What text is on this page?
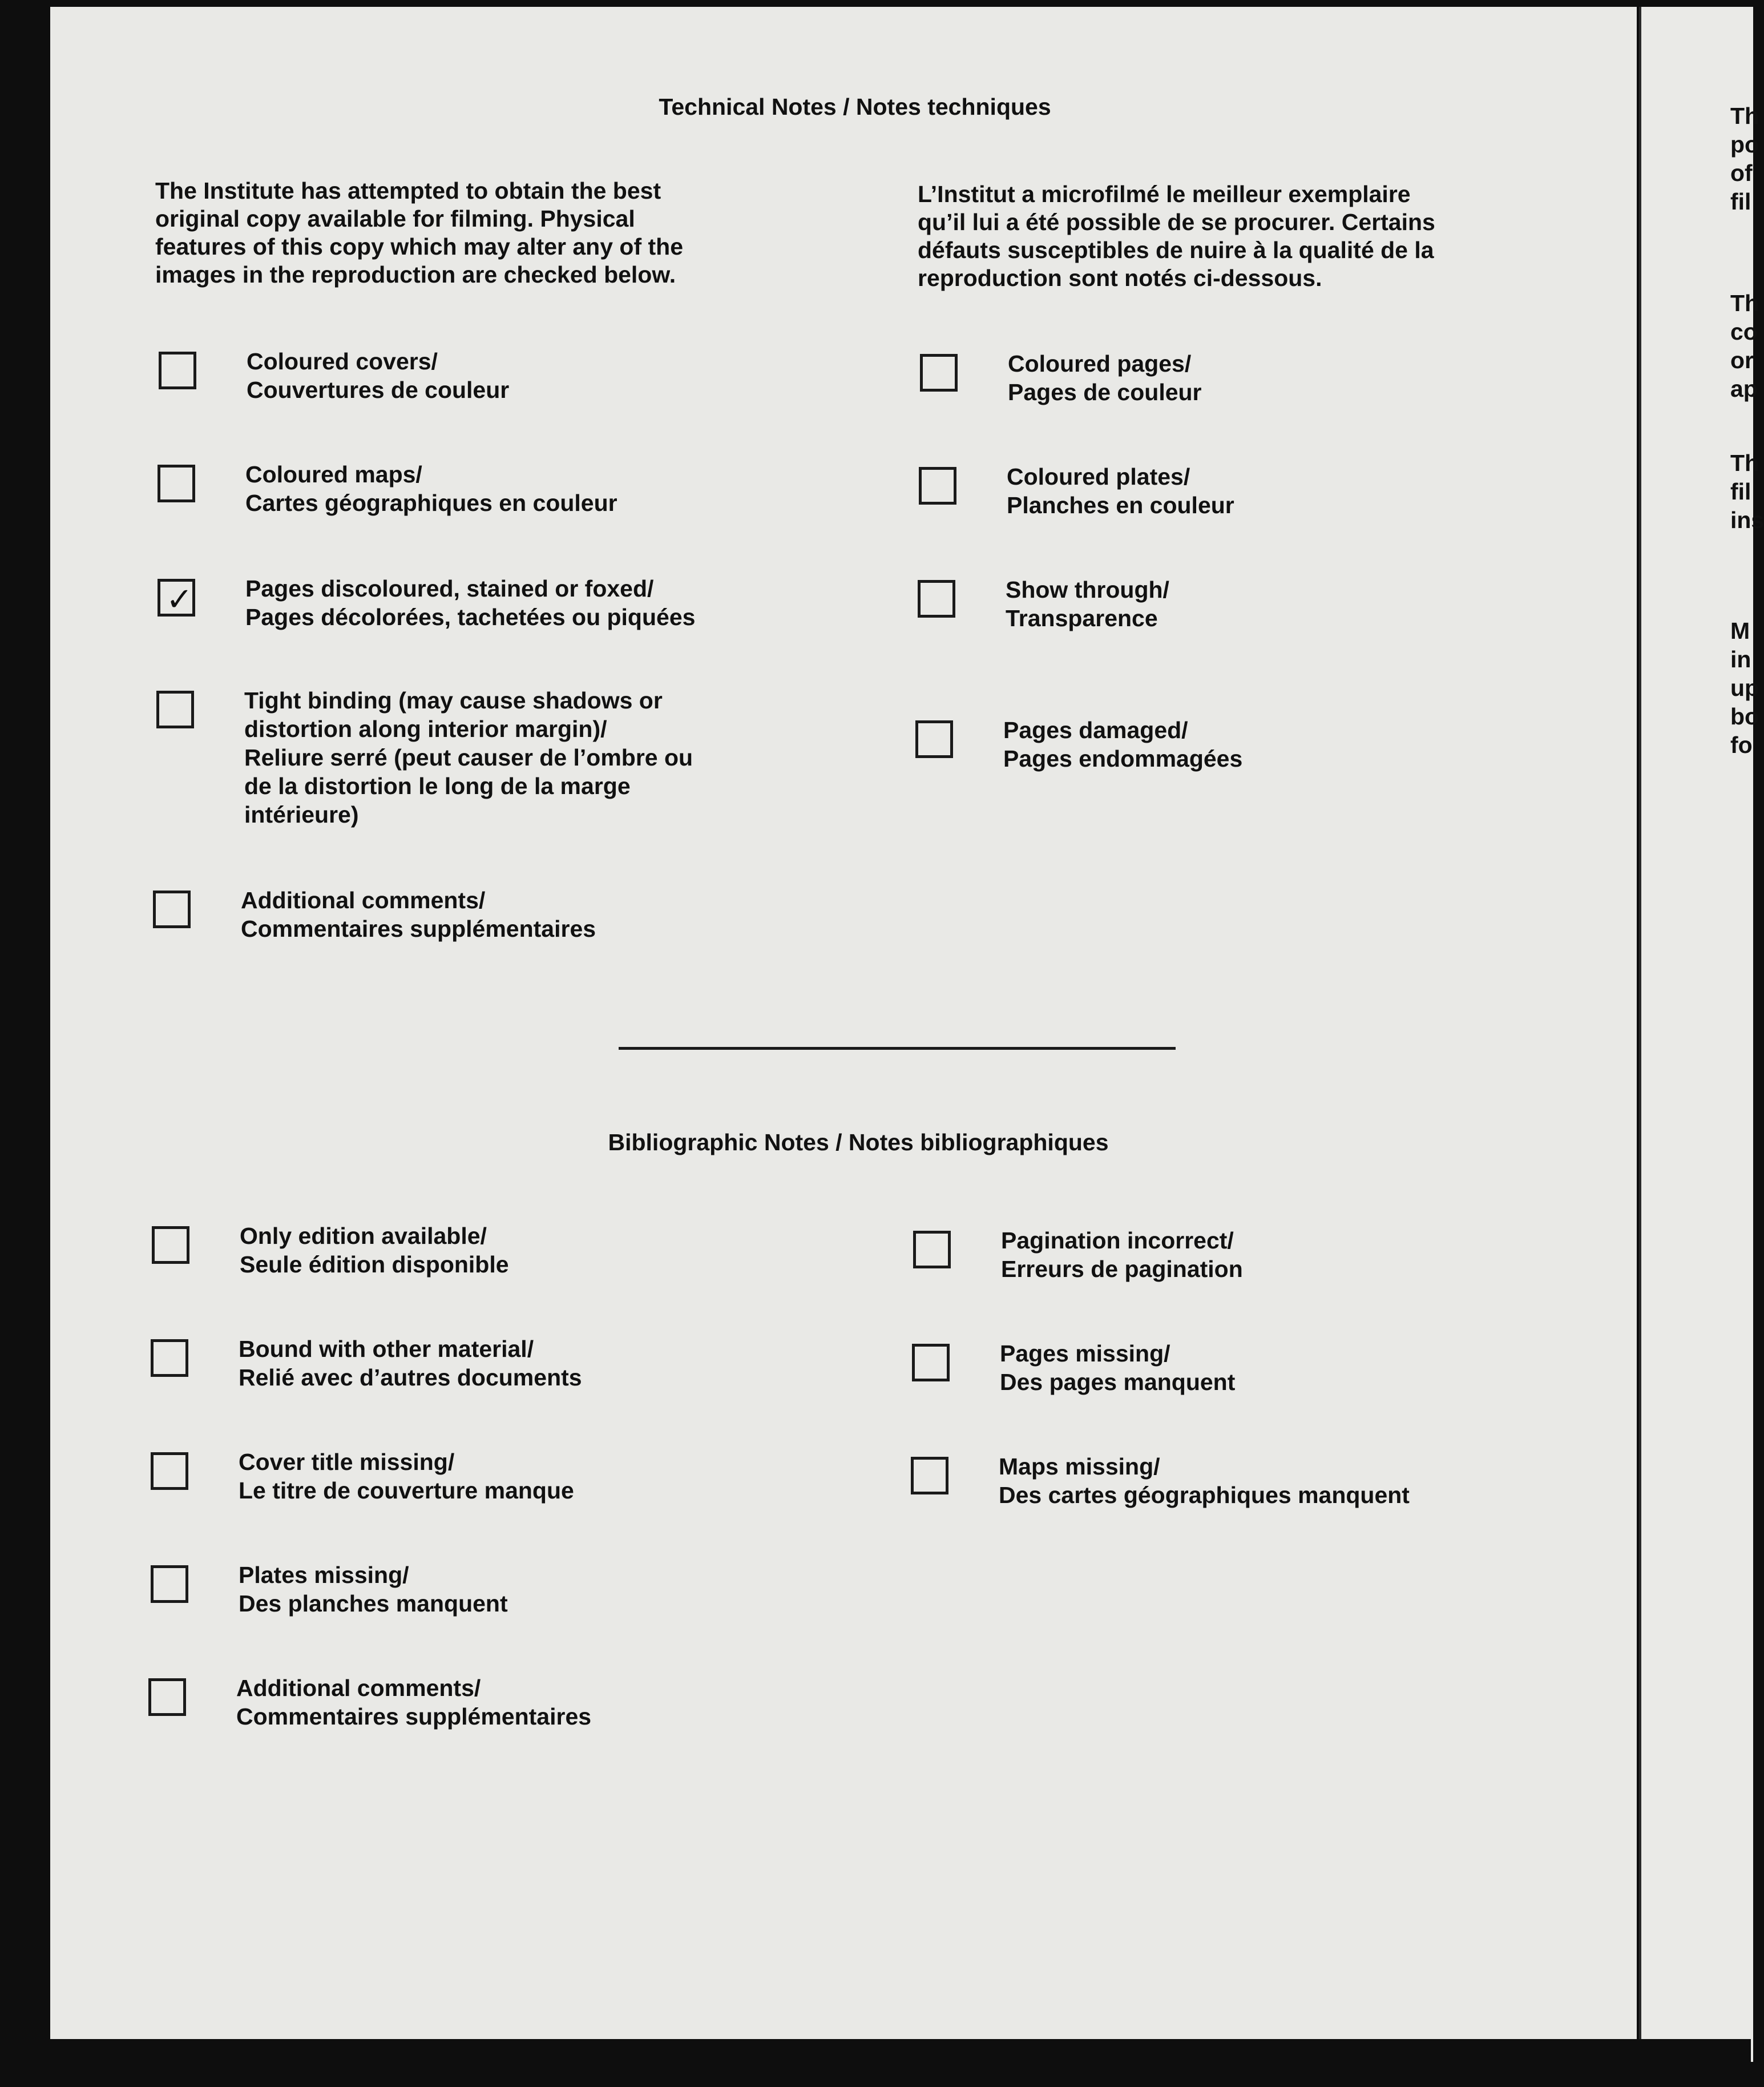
Technical Notes / Notes techniques
The Institute has attempted to obtain the best
original copy available for filming. Physical
features of this copy which may alter any of the
images in the reproduction are checked below.
L’Institut a microfilmé le meilleur exemplaire
qu’il lui a été possible de se procurer. Certains
défauts susceptibles de nuire à la qualité de la
reproduction sont notés ci-dessous.
Coloured covers/
Couvertures de couleur
Coloured maps/
Cartes géographiques en couleur
✓ Pages discoloured, stained or foxed/
Pages décolorées, tachetées ou piquées
Tight binding (may cause shadows or
distortion along interior margin)/
Reliure serré (peut causer de l’ombre ou
de la distortion le long de la marge
intérieure)
Additional comments/
Commentaires supplémentaires
Coloured pages/
Pages de couleur
Coloured plates/
Planches en couleur
Show through/
Transparence
Pages damaged/
Pages endommagées
Bibliographic Notes / Notes bibliographiques
Only edition available/
Seule édition disponible
Bound with other material/
Relié avec d’autres documents
Cover title missing/
Le titre de couverture manque
Plates missing/
Des planches manquent
Additional comments/
Commentaires supplémentaires
Pagination incorrect/
Erreurs de pagination
Pages missing/
Des pages manquent
Maps missing/
Des cartes géographiques manquent
Th
po
of
fil
Th
co
or
ap
Th
fil
ins
M
in
up
bo
fo
